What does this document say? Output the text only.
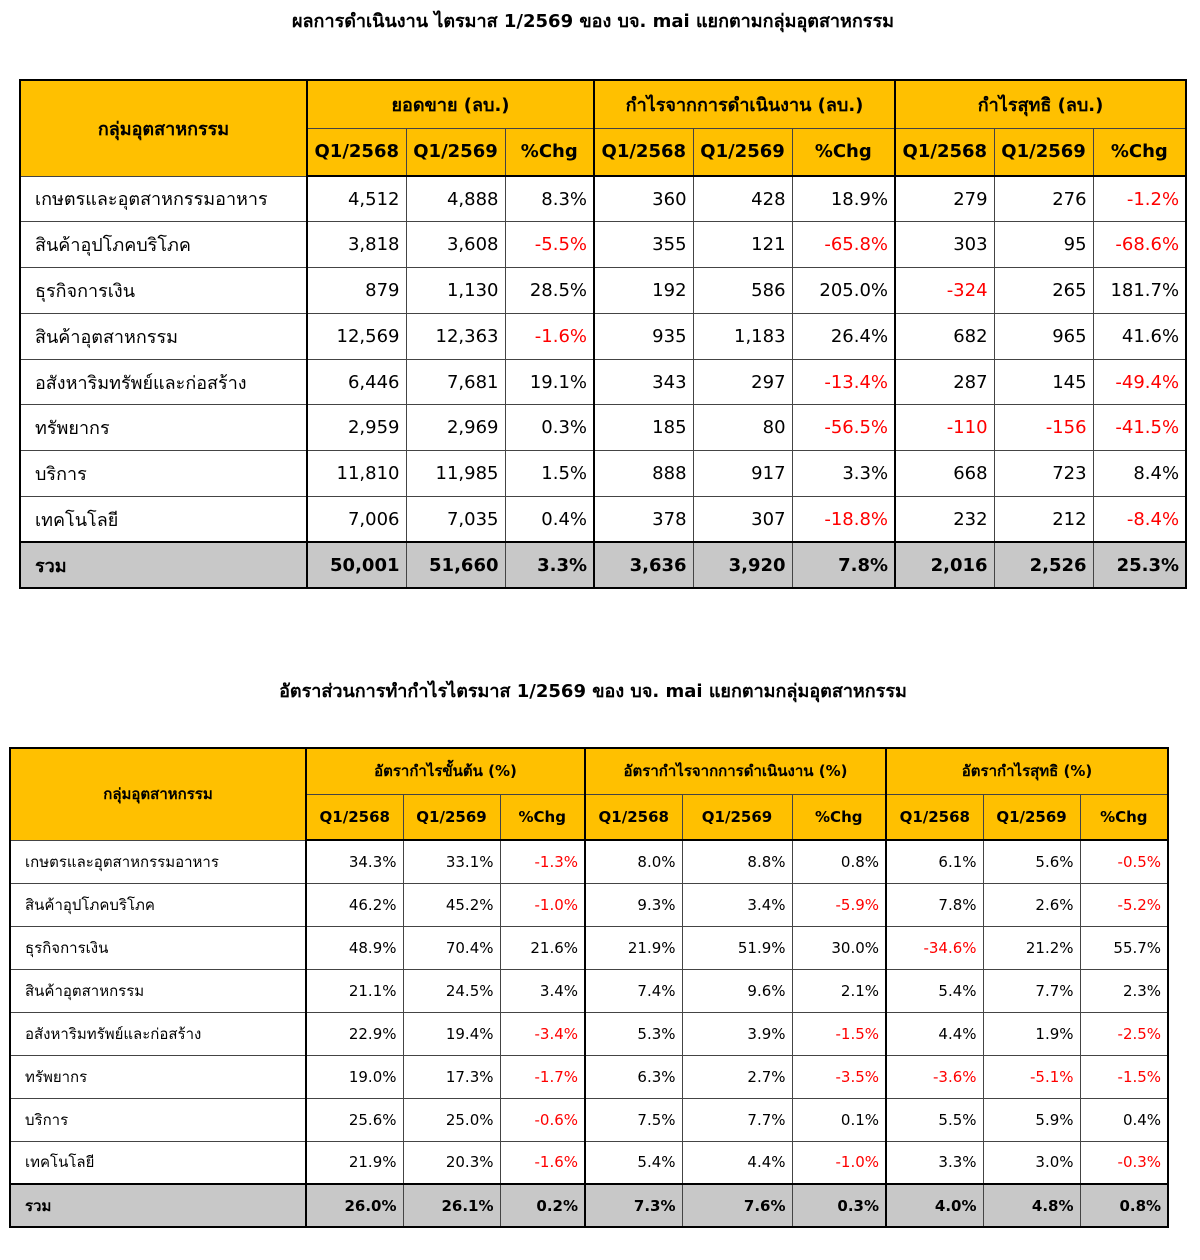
ผลการดำเนินงาน ไตรมาส 1/2569 ของ บจ. mai แยกตามกลุ่มอุตสาหกรรม
กลุ่มอุตสาหกรรม	ยอดขาย (ลบ.)			กำไรจากการดำเนินงาน (ลบ.)			กำไรสุทธิ (ลบ.)		
	Q1/2568	Q1/2569	%Chg	Q1/2568	Q1/2569	%Chg	Q1/2568	Q1/2569	%Chg
เกษตรและอุตสาหกรรมอาหาร	4,512	4,888	8.3%	360	428	18.9%	279	276	-1.2%
สินค้าอุปโภคบริโภค	3,818	3,608	-5.5%	355	121	-65.8%	303	95	-68.6%
ธุรกิจการเงิน	879	1,130	28.5%	192	586	205.0%	-324	265	181.7%
สินค้าอุตสาหกรรม	12,569	12,363	-1.6%	935	1,183	26.4%	682	965	41.6%
อสังหาริมทรัพย์และก่อสร้าง	6,446	7,681	19.1%	343	297	-13.4%	287	145	-49.4%
ทรัพยากร	2,959	2,969	0.3%	185	80	-56.5%	-110	-156	-41.5%
บริการ	11,810	11,985	1.5%	888	917	3.3%	668	723	8.4%
เทคโนโลยี	7,006	7,035	0.4%	378	307	-18.8%	232	212	-8.4%
รวม	50,001	51,660	3.3%	3,636	3,920	7.8%	2,016	2,526	25.3%
อัตราส่วนการทำกำไรไตรมาส 1/2569 ของ บจ. mai แยกตามกลุ่มอุตสาหกรรม
กลุ่มอุตสาหกรรม	อัตรากำไรขั้นต้น (%)			อัตรากำไรจากการดำเนินงาน (%)			อัตรากำไรสุทธิ (%)		
	Q1/2568	Q1/2569	%Chg	Q1/2568	Q1/2569	%Chg	Q1/2568	Q1/2569	%Chg
เกษตรและอุตสาหกรรมอาหาร	34.3%	33.1%	-1.3%	8.0%	8.8%	0.8%	6.1%	5.6%	-0.5%
สินค้าอุปโภคบริโภค	46.2%	45.2%	-1.0%	9.3%	3.4%	-5.9%	7.8%	2.6%	-5.2%
ธุรกิจการเงิน	48.9%	70.4%	21.6%	21.9%	51.9%	30.0%	-34.6%	21.2%	55.7%
สินค้าอุตสาหกรรม	21.1%	24.5%	3.4%	7.4%	9.6%	2.1%	5.4%	7.7%	2.3%
อสังหาริมทรัพย์และก่อสร้าง	22.9%	19.4%	-3.4%	5.3%	3.9%	-1.5%	4.4%	1.9%	-2.5%
ทรัพยากร	19.0%	17.3%	-1.7%	6.3%	2.7%	-3.5%	-3.6%	-5.1%	-1.5%
บริการ	25.6%	25.0%	-0.6%	7.5%	7.7%	0.1%	5.5%	5.9%	0.4%
เทคโนโลยี	21.9%	20.3%	-1.6%	5.4%	4.4%	-1.0%	3.3%	3.0%	-0.3%
รวม	26.0%	26.1%	0.2%	7.3%	7.6%	0.3%	4.0%	4.8%	0.8%
